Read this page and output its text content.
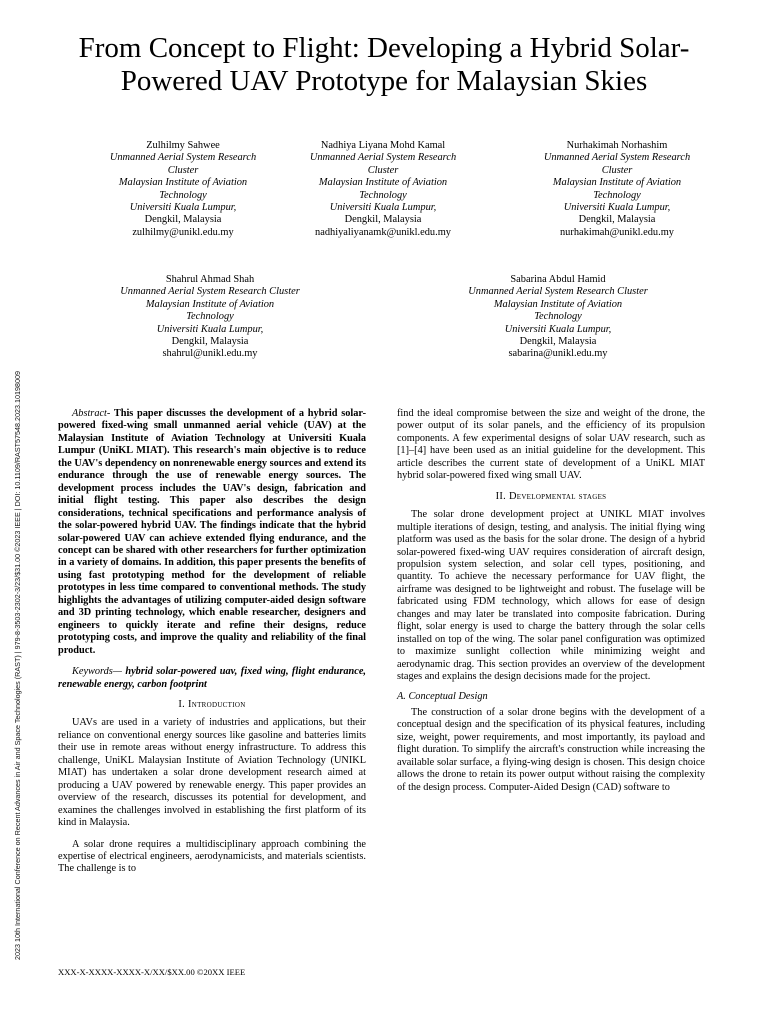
2023 10th International Conference on Recent Advances in Air and Space Technologies (RAST) | 979-8-3503-2302-3/23/$31.00 ©2023 IEEE | DOI: 10.1109/RAST57548.2023.10198009
From Concept to Flight: Developing a Hybrid Solar-
Powered UAV Prototype for Malaysian Skies
Zulhilmy Sahwee
Unmanned Aerial System Research
Cluster
Malaysian Institute of Aviation
Technology
Universiti Kuala Lumpur,
Dengkil, Malaysia
zulhilmy@unikl.edu.my
Nadhiya Liyana Mohd Kamal
Unmanned Aerial System Research
Cluster
Malaysian Institute of Aviation
Technology
Universiti Kuala Lumpur,
Dengkil, Malaysia
nadhiyaliyanamk@unikl.edu.my
Nurhakimah Norhashim
Unmanned Aerial System Research
Cluster
Malaysian Institute of Aviation
Technology
Universiti Kuala Lumpur,
Dengkil, Malaysia
nurhakimah@unikl.edu.my
Shahrul Ahmad Shah
Unmanned Aerial System Research Cluster
Malaysian Institute of Aviation
Technology
Universiti Kuala Lumpur,
Dengkil, Malaysia
shahrul@unikl.edu.my
Sabarina Abdul Hamid
Unmanned Aerial System Research Cluster
Malaysian Institute of Aviation
Technology
Universiti Kuala Lumpur,
Dengkil, Malaysia
sabarina@unikl.edu.my

Abstract- This paper discusses the development of a hybrid solar-powered fixed-wing small unmanned aerial vehicle (UAV) at the Malaysian Institute of Aviation Technology at Universiti Kuala Lumpur (UniKL MIAT). This research's main objective is to reduce the UAV's dependency on nonrenewable energy sources and extend its endurance through the use of renewable energy sources. The development process includes the UAV's design, fabrication and initial flight testing. This paper also describes the design considerations, technical specifications and performance analysis of the solar-powered hybrid UAV. The findings indicate that the hybrid solar-powered UAV can achieve extended flying endurance, and the concept can be shared with other researchers for further optimization in a variety of domains. In addition, this paper presents the benefits of using fast prototyping method for the development of reliable prototypes in less time compared to conventional methods. The study highlights the advantages of utilizing computer-aided design software and 3D printing technology, which enable researcher, designers and engineers to quickly iterate and refine their designs, reduce prototyping costs, and improve the quality and reliability of the final product.

Keywords— hybrid solar-powered uav, fixed wing, flight endurance, renewable energy, carbon footprint

I. Introduction

UAVs are used in a variety of industries and applications, but their reliance on conventional energy sources like gasoline and batteries limits their use in remote areas without energy infrastructure. To address this challenge, UniKL Malaysian Institute of Aviation Technology (UNIKL MIAT) has undertaken a solar drone development research aimed at producing a UAV powered by renewable energy. This paper provides an overview of the research, discusses its potential for development, and examines the challenges involved in establishing the first platform of its kind in Malaysia.

A solar drone requires a multidisciplinary approach combining the expertise of electrical engineers, aerodynamicists, and materials scientists. The challenge is to

find the ideal compromise between the size and weight of the drone, the power output of its solar panels, and the efficiency of its propulsion components. A few experimental designs of solar UAV research, such as [1]–[4] have been used as an initial guideline for the development. This article describes the current state of development of a UniKL MIAT hybrid solar-powered fixed wing small UAV.

II. Developmental stages

The solar drone development project at UNIKL MIAT involves multiple iterations of design, testing, and analysis. The initial flying wing platform was used as the basis for the solar drone. The design of a hybrid solar-powered fixed-wing UAV requires consideration of aircraft design, propulsion system selection, and solar cell types, positioning, and quantity. To achieve the necessary performance for UAV flight, the airframe was designed to be lightweight and robust. The fuselage will be fabricated using FDM technology, which allows for ease of design changes and may later be translated into composite fabrication. During flight, solar energy is used to charge the battery through the solar cells installed on top of the wing. The solar panel configuration was optimized to maximize sunlight collection while minimizing weight and aerodynamic drag. This section provides an overview of the development stages and explains the design decisions made for the project.

A. Conceptual Design

The construction of a solar drone begins with the development of a conceptual design and the specification of its physical features, including size, weight, power requirements, and most importantly, its payload and flight duration. To simplify the aircraft's construction while increasing the available solar surface, a flying-wing design is chosen. This design choice allows the drone to retain its power output without raising the complexity of the design process. Computer-Aided Design (CAD) software to

XXX-X-XXXX-XXXX-X/XX/$XX.00 ©20XX IEEE
